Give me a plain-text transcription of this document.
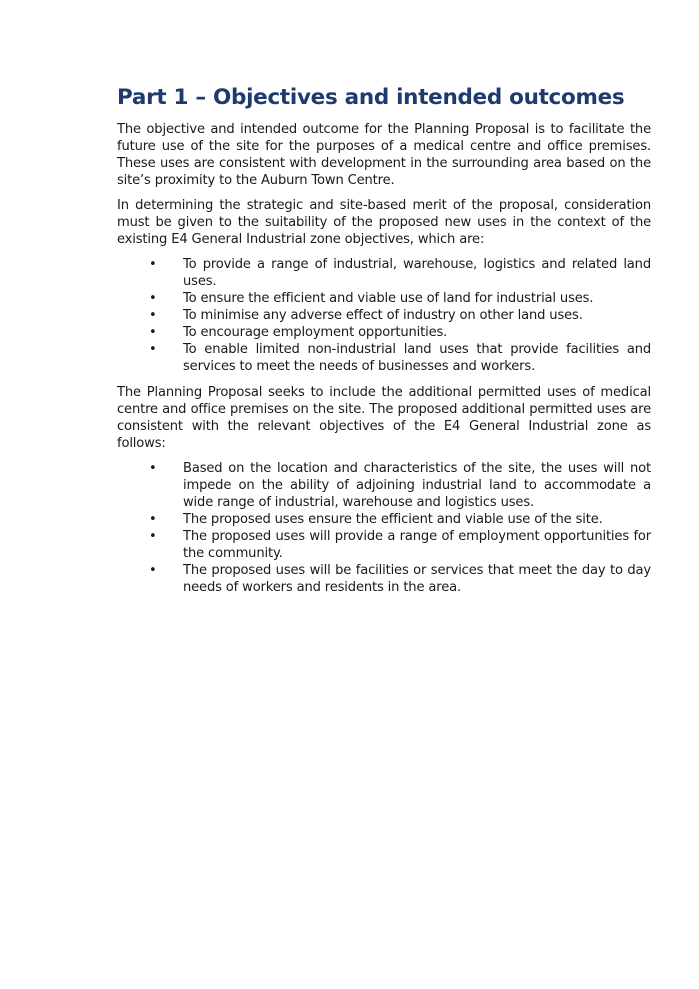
Part 1 – Objectives and intended outcomes

The objective and intended outcome for the Planning Proposal is to facilitate the future use of the site for the purposes of a medical centre and office premises. These uses are consistent with development in the surrounding area based on the site’s proximity to the Auburn Town Centre.

In determining the strategic and site-based merit of the proposal, consideration must be given to the suitability of the proposed new uses in the context of the existing E4 General Industrial zone objectives, which are:

• To provide a range of industrial, warehouse, logistics and related land uses.
• To ensure the efficient and viable use of land for industrial uses.
• To minimise any adverse effect of industry on other land uses.
• To encourage employment opportunities.
• To enable limited non-industrial land uses that provide facilities and services to meet the needs of businesses and workers.

The Planning Proposal seeks to include the additional permitted uses of medical centre and office premises on the site. The proposed additional permitted uses are consistent with the relevant objectives of the E4 General Industrial zone as follows:

• Based on the location and characteristics of the site, the uses will not impede on the ability of adjoining industrial land to accommodate a wide range of industrial, warehouse and logistics uses.
• The proposed uses ensure the efficient and viable use of the site.
• The proposed uses will provide a range of employment opportunities for the community.
• The proposed uses will be facilities or services that meet the day to day needs of workers and residents in the area.
